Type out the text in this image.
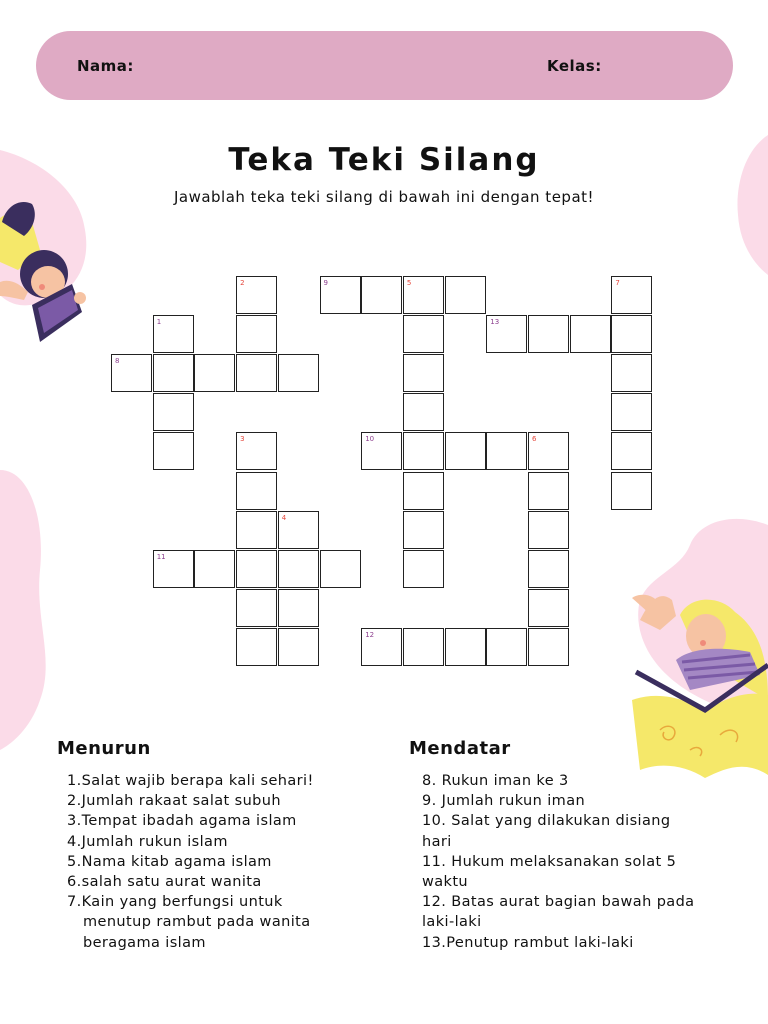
Nama:	Kelas:
Teka Teki Silang
Jawablah teka teki silang di bawah ini dengan tepat!
9	5
2	7
1	13
8
10	6
3
4
11
12
Menurun
1.Salat wajib berapa kali sehari!
2.Jumlah rakaat salat subuh
3.Tempat ibadah agama islam
4.Jumlah rukun islam
5.Nama kitab agama islam
6.salah satu aurat wanita
7.Kain yang berfungsi untuk
menutup rambut pada wanita
beragama islam
Mendatar
8. Rukun iman ke 3
9. Jumlah rukun iman
10. Salat yang dilakukan disiang
hari
11. Hukum melaksanakan solat 5
waktu
12. Batas aurat bagian bawah pada
laki-laki
13.Penutup rambut laki-laki
